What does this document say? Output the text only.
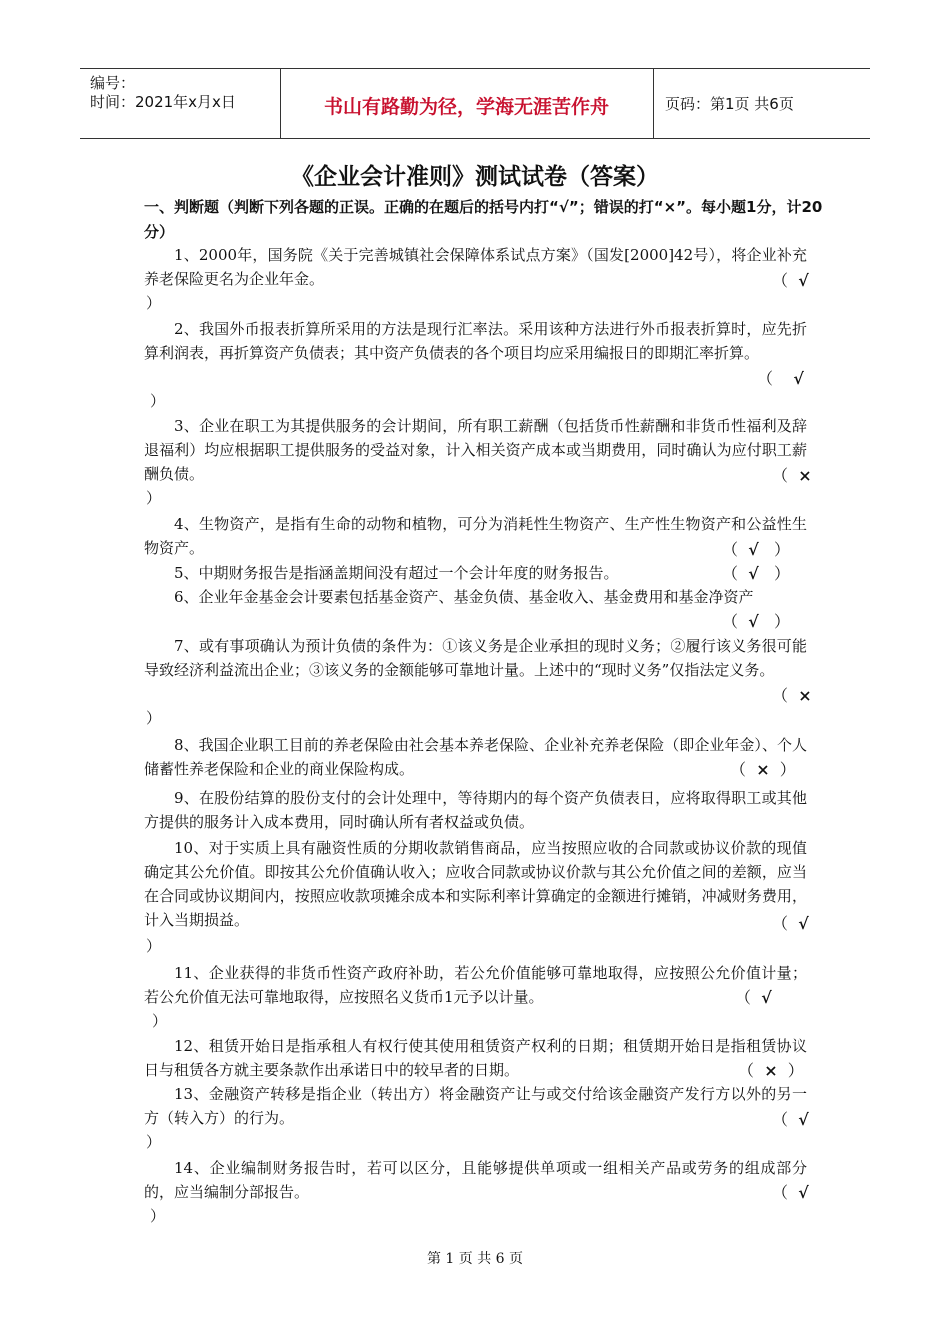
编号：
时间：2021年x月x日	书山有路勤为径，学海无涯苦作舟	页码：第1页 共6页
《企业会计准则》测试试卷（答案）
一、判断题（判断下列各题的正误。正确的在题后的括号内打“√”；错误的打“×”。每小题1分，计20分）
1、2000年，国务院《关于完善城镇社会保障体系试点方案》（国发[2000]42号），将企业补充养老保险更名为企业年金。	（ √
）
2、我国外币报表折算所采用的方法是现行汇率法。采用该种方法进行外币报表折算时，应先折算利润表，再折算资产负债表；其中资产负债表的各个项目均应采用编报日的即期汇率折算。
（ √
）
3、企业在职工为其提供服务的会计期间，所有职工薪酬（包括货币性薪酬和非货币性福利及辞退福利）均应根据职工提供服务的受益对象，计入相关资产成本或当期费用，同时确认为应付职工薪酬负债。	（ ×
）
4、生物资产，是指有生命的动物和植物，可分为消耗性生物资产、生产性生物资产和公益性生物资产。	（ √ ）
5、中期财务报告是指涵盖期间没有超过一个会计年度的财务报告。	（ √ ）
6、企业年金基金会计要素包括基金资产、基金负债、基金收入、基金费用和基金净资产
（ √ ）
7、或有事项确认为预计负债的条件为：①该义务是企业承担的现时义务；②履行该义务很可能导致经济利益流出企业；③该义务的金额能够可靠地计量。上述中的“现时义务”仅指法定义务。
（ ×
）
8、我国企业职工目前的养老保险由社会基本养老保险、企业补充养老保险（即企业年金）、个人储蓄性养老保险和企业的商业保险构成。	（ × ）
9、在股份结算的股份支付的会计处理中，等待期内的每个资产负债表日，应将取得职工或其他方提供的服务计入成本费用，同时确认所有者权益或负债。
10、对于实质上具有融资性质的分期收款销售商品，应当按照应收的合同款或协议价款的现值确定其公允价值。即按其公允价值确认收入；应收合同款或协议价款与其公允价值之间的差额，应当在合同或协议期间内，按照应收款项摊余成本和实际利率计算确定的金额进行摊销，冲减财务费用，计入当期损益。	（ √
）
11、企业获得的非货币性资产政府补助，若公允价值能够可靠地取得，应按照公允价值计量；若公允价值无法可靠地取得，应按照名义货币1元予以计量。	（ √
）
12、租赁开始日是指承租人有权行使其使用租赁资产权利的日期；租赁期开始日是指租赁协议日与租赁各方就主要条款作出承诺日中的较早者的日期。	（ × ）
13、金融资产转移是指企业（转出方）将金融资产让与或交付给该金融资产发行方以外的另一方（转入方）的行为。	（ √
）
14、企业编制财务报告时，若可以区分，且能够提供单项或一组相关产品或劳务的组成部分的，应当编制分部报告。	（ √
）
第 1 页 共 6 页
